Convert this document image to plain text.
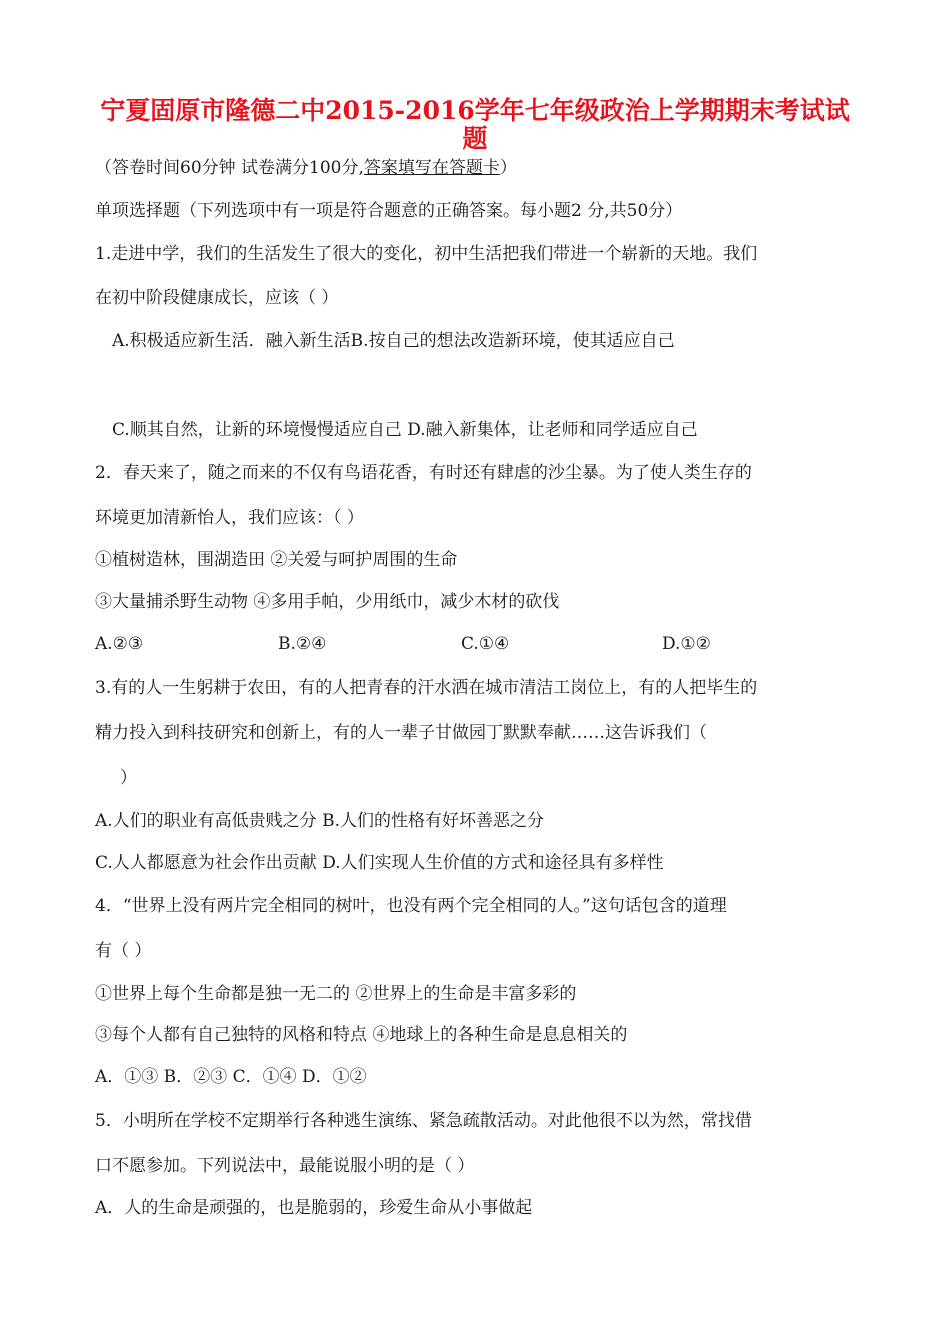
宁夏固原市隆德二中2015-2016学年七年级政治上学期期末考试试
题
（答卷时间60分钟 试卷满分100分,答案填写在答题卡）
单项选择题（下列选项中有一项是符合题意的正确答案。每小题2 分,共50分）
1.走进中学，我们的生活发生了很大的变化，初中生活把我们带进一个崭新的天地。我们
在初中阶段健康成长，应该（ ）
A.积极适应新生活．融入新生活B.按自己的想法改造新环境，使其适应自己
C.顺其自然，让新的环境慢慢适应自己 D.融入新集体，让老师和同学适应自己
2．春天来了，随之而来的不仅有鸟语花香，有时还有肆虐的沙尘暴。为了使人类生存的
环境更加清新怡人，我们应该：（ ）
①植树造林，围湖造田 ②关爱与呵护周围的生命
③大量捕杀野生动物 ④多用手帕，少用纸巾，减少木材的砍伐
A.②③	B.②④	C.①④	D.①②
3.有的人一生躬耕于农田，有的人把青春的汗水洒在城市清洁工岗位上，有的人把毕生的
精力投入到科技研究和创新上，有的人一辈子甘做园丁默默奉献……这告诉我们（
）
A.人们的职业有高低贵贱之分 B.人们的性格有好坏善恶之分
C.人人都愿意为社会作出贡献 D.人们实现人生价值的方式和途径具有多样性
4．“世界上没有两片完全相同的树叶，也没有两个完全相同的人。”这句话包含的道理
有（ ）
①世界上每个生命都是独一无二的 ②世界上的生命是丰富多彩的
③每个人都有自己独特的风格和特点 ④地球上的各种生命是息息相关的
A．①③ B．②③ C．①④ D．①②
5．小明所在学校不定期举行各种逃生演练、紧急疏散活动。对此他很不以为然，常找借
口不愿参加。下列说法中，最能说服小明的是（ ）
A．人的生命是顽强的，也是脆弱的，珍爱生命从小事做起
